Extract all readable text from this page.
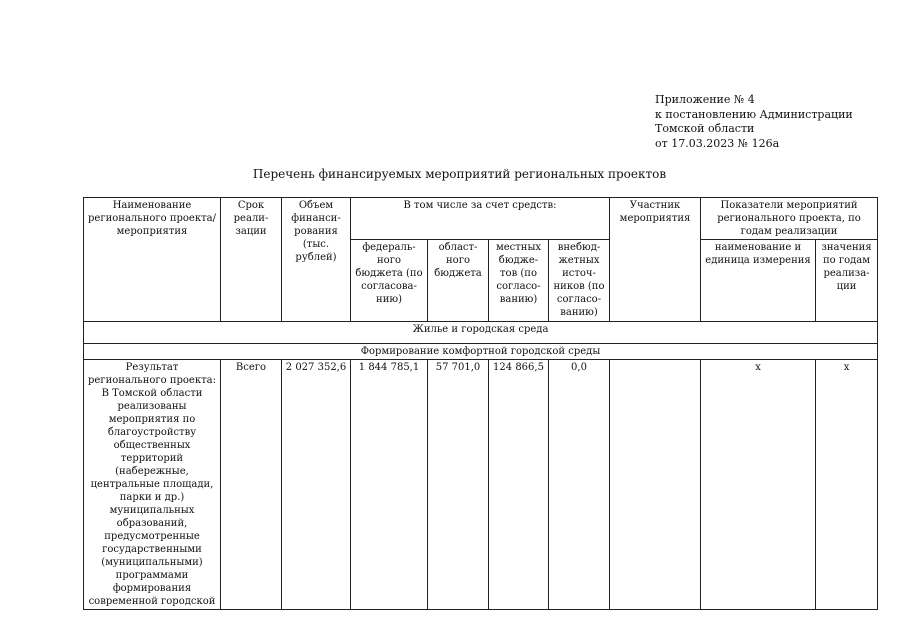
Приложение № 4
к постановлению Администрации
Томской области
от 17.03.2023 № 126а
Перечень финансируемых мероприятий региональных проектов
Наименование регионального проекта/мероприятия	Срок реали-зации	Объем финанси-рования (тыс. рублей)	В том числе за счет средств:				Участник мероприятия	Показатели мероприятий регионального проекта, по годам реализации	
			федераль-ного бюджета (по согласова-нию)	област-ного бюджета	местных бюдже-тов (по согласо-ванию)	внебюд-жетных источ-ников (по согласо-ванию)		наименование и единица измерения	значения по годам реализа-ции
Жилье и городская среда									
Формирование комфортной городской среды									
Результат регионального проекта: В Томской области реализованы мероприятия по благоустройству общественных территорий (набережные, центральные площади, парки и др.) муниципальных образований, предусмотренные государственными (муниципальными) программами формирования современной городской	Всего	2 027 352,6	1 844 785,1	57 701,0	124 866,5	0,0		х	х
